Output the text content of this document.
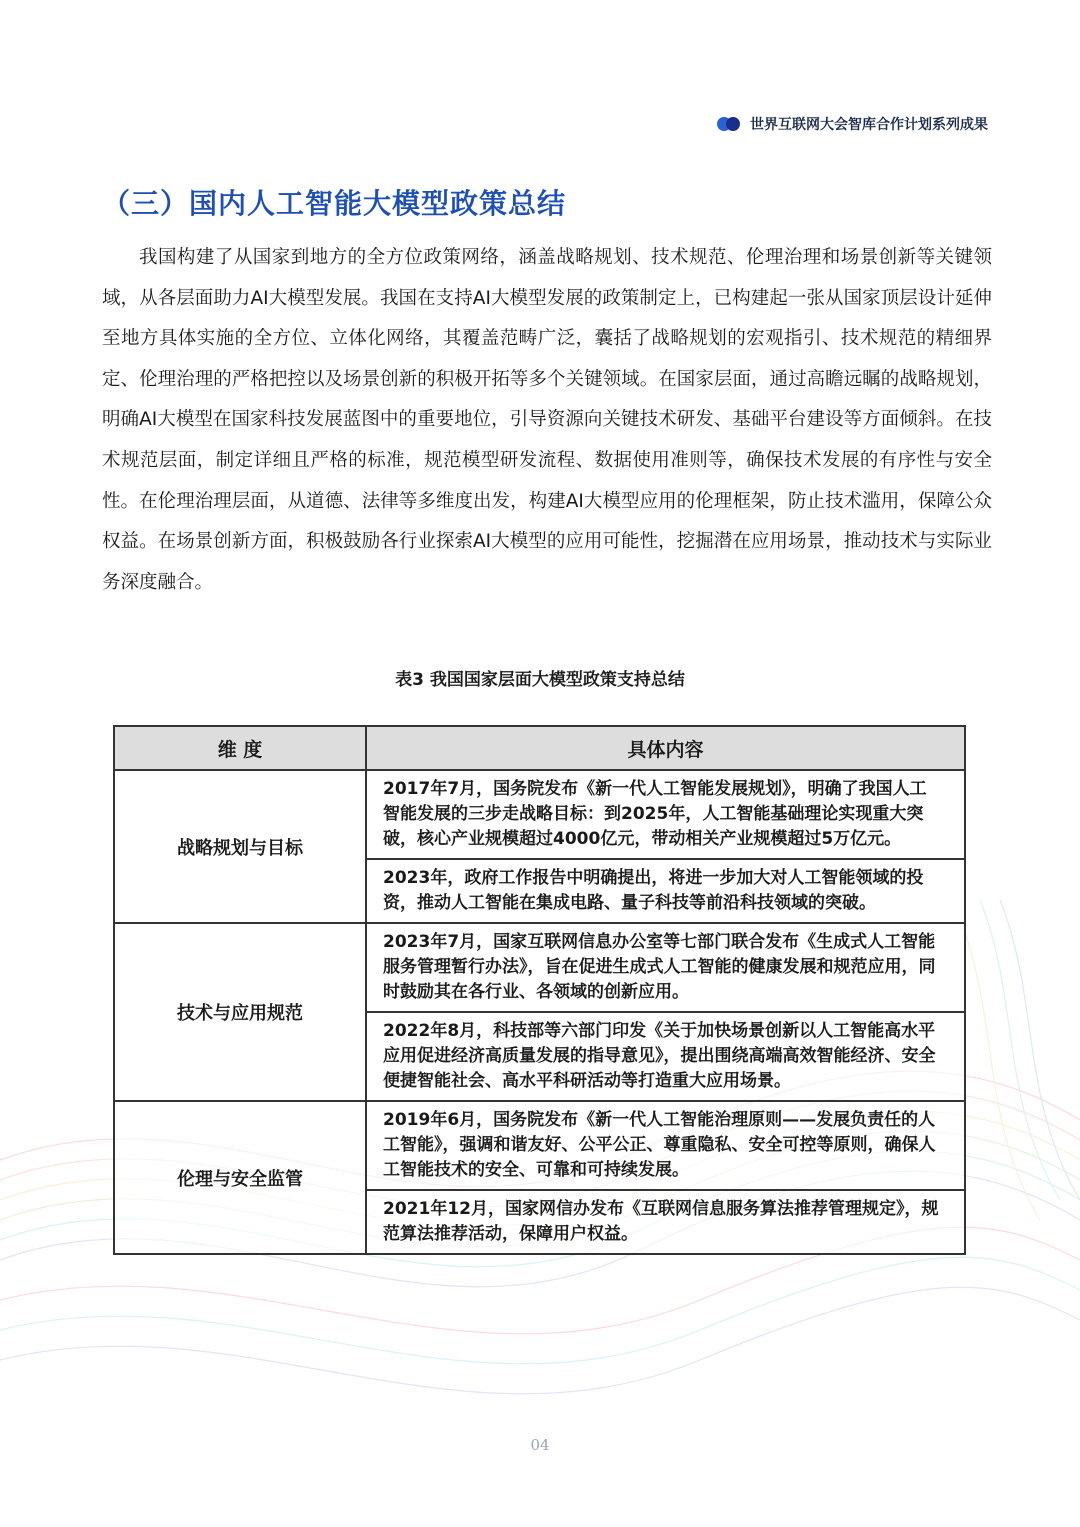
世界互联网大会智库合作计划系列成果
（三）国内人工智能大模型政策总结

我国构建了从国家到地方的全方位政策网络，涵盖战略规划、技术规范、伦理治理和场景创新等关键领域，从各层面助力AI大模型发展。我国在支持AI大模型发展的政策制定上，已构建起一张从国家顶层设计延伸至地方具体实施的全方位、立体化网络，其覆盖范畴广泛，囊括了战略规划的宏观指引、技术规范的精细界定、伦理治理的严格把控以及场景创新的积极开拓等多个关键领域。在国家层面，通过高瞻远瞩的战略规划，明确AI大模型在国家科技发展蓝图中的重要地位，引导资源向关键技术研发、基础平台建设等方面倾斜。在技术规范层面，制定详细且严格的标准，规范模型研发流程、数据使用准则等，确保技术发展的有序性与安全性。在伦理治理层面，从道德、法律等多维度出发，构建AI大模型应用的伦理框架，防止技术滥用，保障公众权益。在场景创新方面，积极鼓励各行业探索AI大模型的应用可能性，挖掘潜在应用场景，推动技术与实际业务深度融合。

表3 我国国家层面大模型政策支持总结
维 度	具体内容
战略规划与目标	2017年7月，国务院发布《新一代人工智能发展规划》，明确了我国人工智能发展的三步走战略目标：到2025年，人工智能基础理论实现重大突破，核心产业规模超过4000亿元，带动相关产业规模超过5万亿元。
	2023年，政府工作报告中明确提出，将进一步加大对人工智能领域的投资，推动人工智能在集成电路、量子科技等前沿科技领域的突破。
技术与应用规范	2023年7月，国家互联网信息办公室等七部门联合发布《生成式人工智能服务管理暂行办法》，旨在促进生成式人工智能的健康发展和规范应用，同时鼓励其在各行业、各领域的创新应用。
	2022年8月，科技部等六部门印发《关于加快场景创新以人工智能高水平应用促进经济高质量发展的指导意见》，提出围绕高端高效智能经济、安全便捷智能社会、高水平科研活动等打造重大应用场景。
伦理与安全监管	2019年6月，国务院发布《新一代人工智能治理原则——发展负责任的人工智能》，强调和谐友好、公平公正、尊重隐私、安全可控等原则，确保人工智能技术的安全、可靠和可持续发展。
	2021年12月，国家网信办发布《互联网信息服务算法推荐管理规定》，规范算法推荐活动，保障用户权益。
04
